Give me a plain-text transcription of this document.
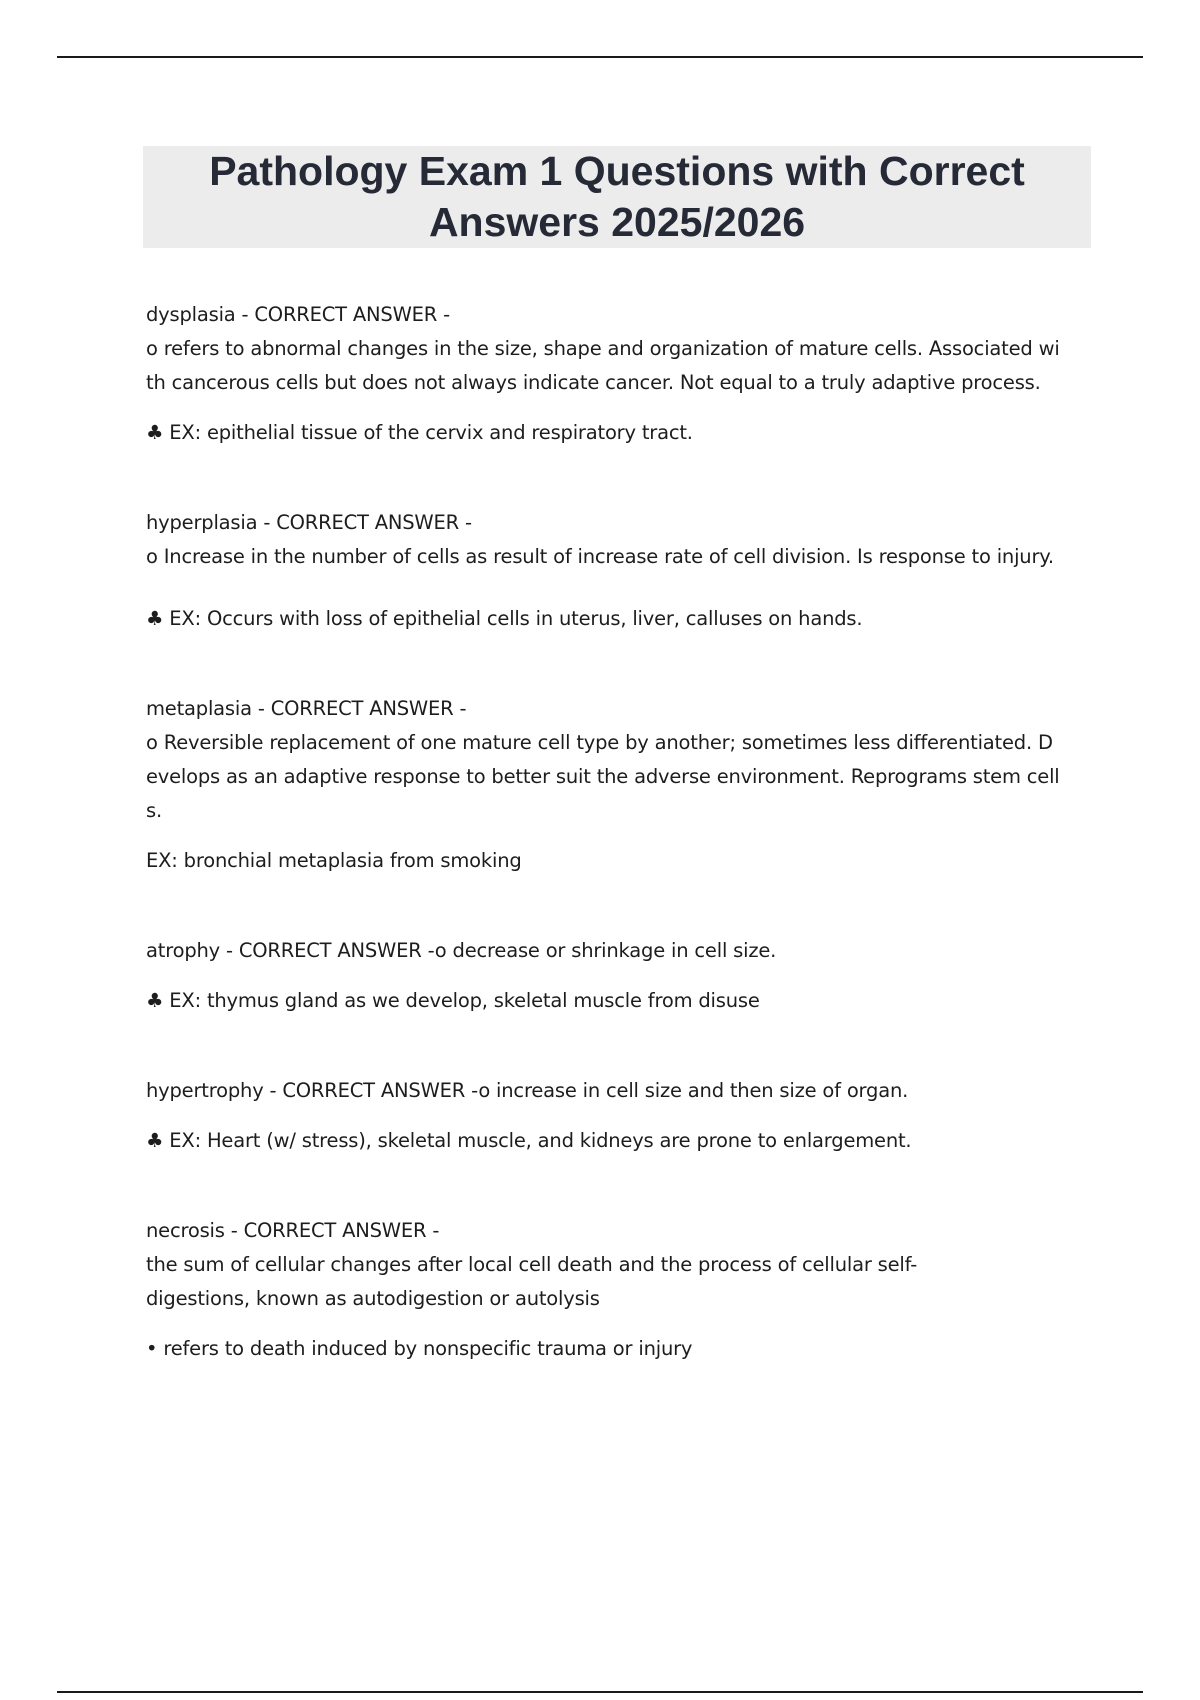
Pathology Exam 1 Questions with Correct
Answers 2025/2026

dysplasia - CORRECT ANSWER -

o refers to abnormal changes in the size, shape and organization of mature cells. Associated wi

th cancerous cells but does not always indicate cancer. Not equal to a truly adaptive process.

♣ EX: epithelial tissue of the cervix and respiratory tract.

hyperplasia - CORRECT ANSWER -

o Increase in the number of cells as result of increase rate of cell division. Is response to injury.

♣ EX: Occurs with loss of epithelial cells in uterus, liver, calluses on hands.

metaplasia - CORRECT ANSWER -

o Reversible replacement of one mature cell type by another; sometimes less differentiated. D

evelops as an adaptive response to better suit the adverse environment. Reprograms stem cell

s.

EX: bronchial metaplasia from smoking

atrophy - CORRECT ANSWER -o decrease or shrinkage in cell size.

♣ EX: thymus gland as we develop, skeletal muscle from disuse

hypertrophy - CORRECT ANSWER -o increase in cell size and then size of organ.

♣ EX: Heart (w/ stress), skeletal muscle, and kidneys are prone to enlargement.

necrosis - CORRECT ANSWER -

the sum of cellular changes after local cell death and the process of cellular self-

digestions, known as autodigestion or autolysis

• refers to death induced by nonspecific trauma or injury
